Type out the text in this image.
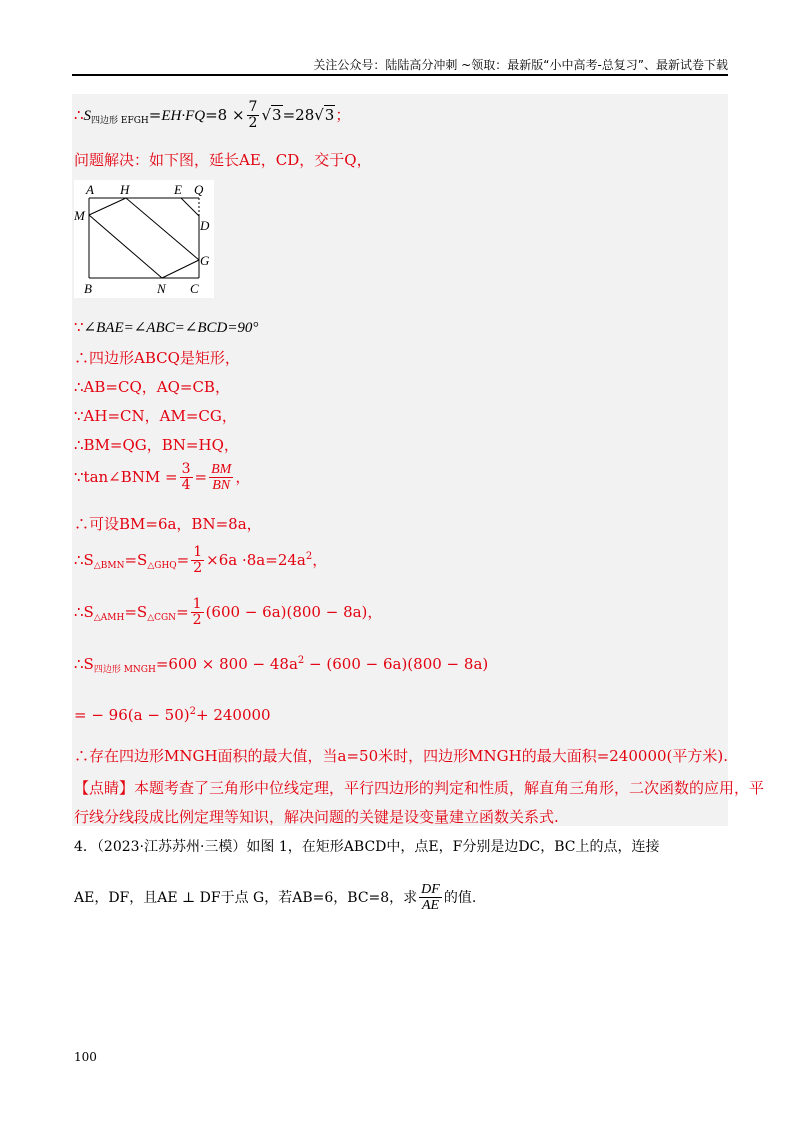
关注公众号：陆陆高分冲刺 ~领取：最新版“小中高考-总复习”、最新试卷下载
$\therefore S_{四边形 EFGH}=EH\cdot FQ=8 \times \frac{7}{2} √3=28√3$；
问题解决：如下图，延长AE，CD，交于Q，
A H	E Q
M
D
G
B	N C
∵∠BAE=∠ABC=∠BCD=90°
∴四边形ABCQ是矩形，
∴AB=CQ，AQ=CB，
∵AH=CN，AM=CG，
∴BM=QG，BN=HQ，
∵tan∠BNM = $\frac{3}{4} = \frac{BM}{BN}$ ，
∴可设BM=6a，BN=8a，
$\therefore S_{\triangle BMN}=S_{\triangle GHQ}= \frac{1}{2} \times 6a \cdot 8a=24a^2$，
$\therefore S_{\triangle AMH}=S_{\triangle CGN}= \frac{1}{2} (600 - 6a)(800 - 8a)$，
$\therefore S_{四边形 MNGH}=600 \times 800 - 48a^2 - (600 - 6a)(800 - 8a)$
= − $96(a - 50)^2+ 240000$
∴存在四边形MNGH面积的最大值，当a=50米时，四边形MNGH的最大面积=240000(平方米).
【点睛】本题考查了三角形中位线定理，平行四边形的判定和性质，解直角三角形，二次函数的应用，平
行线分线段成比例定理等知识，解决问题的关键是设变量建立函数关系式.
4．（2023·江苏苏州·三模）如图 1，在矩形ABCD中，点E，F分别是边DC，BC上的点，连接
AE，DF，且AE ⊥ DF于点 G，若AB=6，BC=8，求 $\frac{DF}{AE}$ 的值.
100
